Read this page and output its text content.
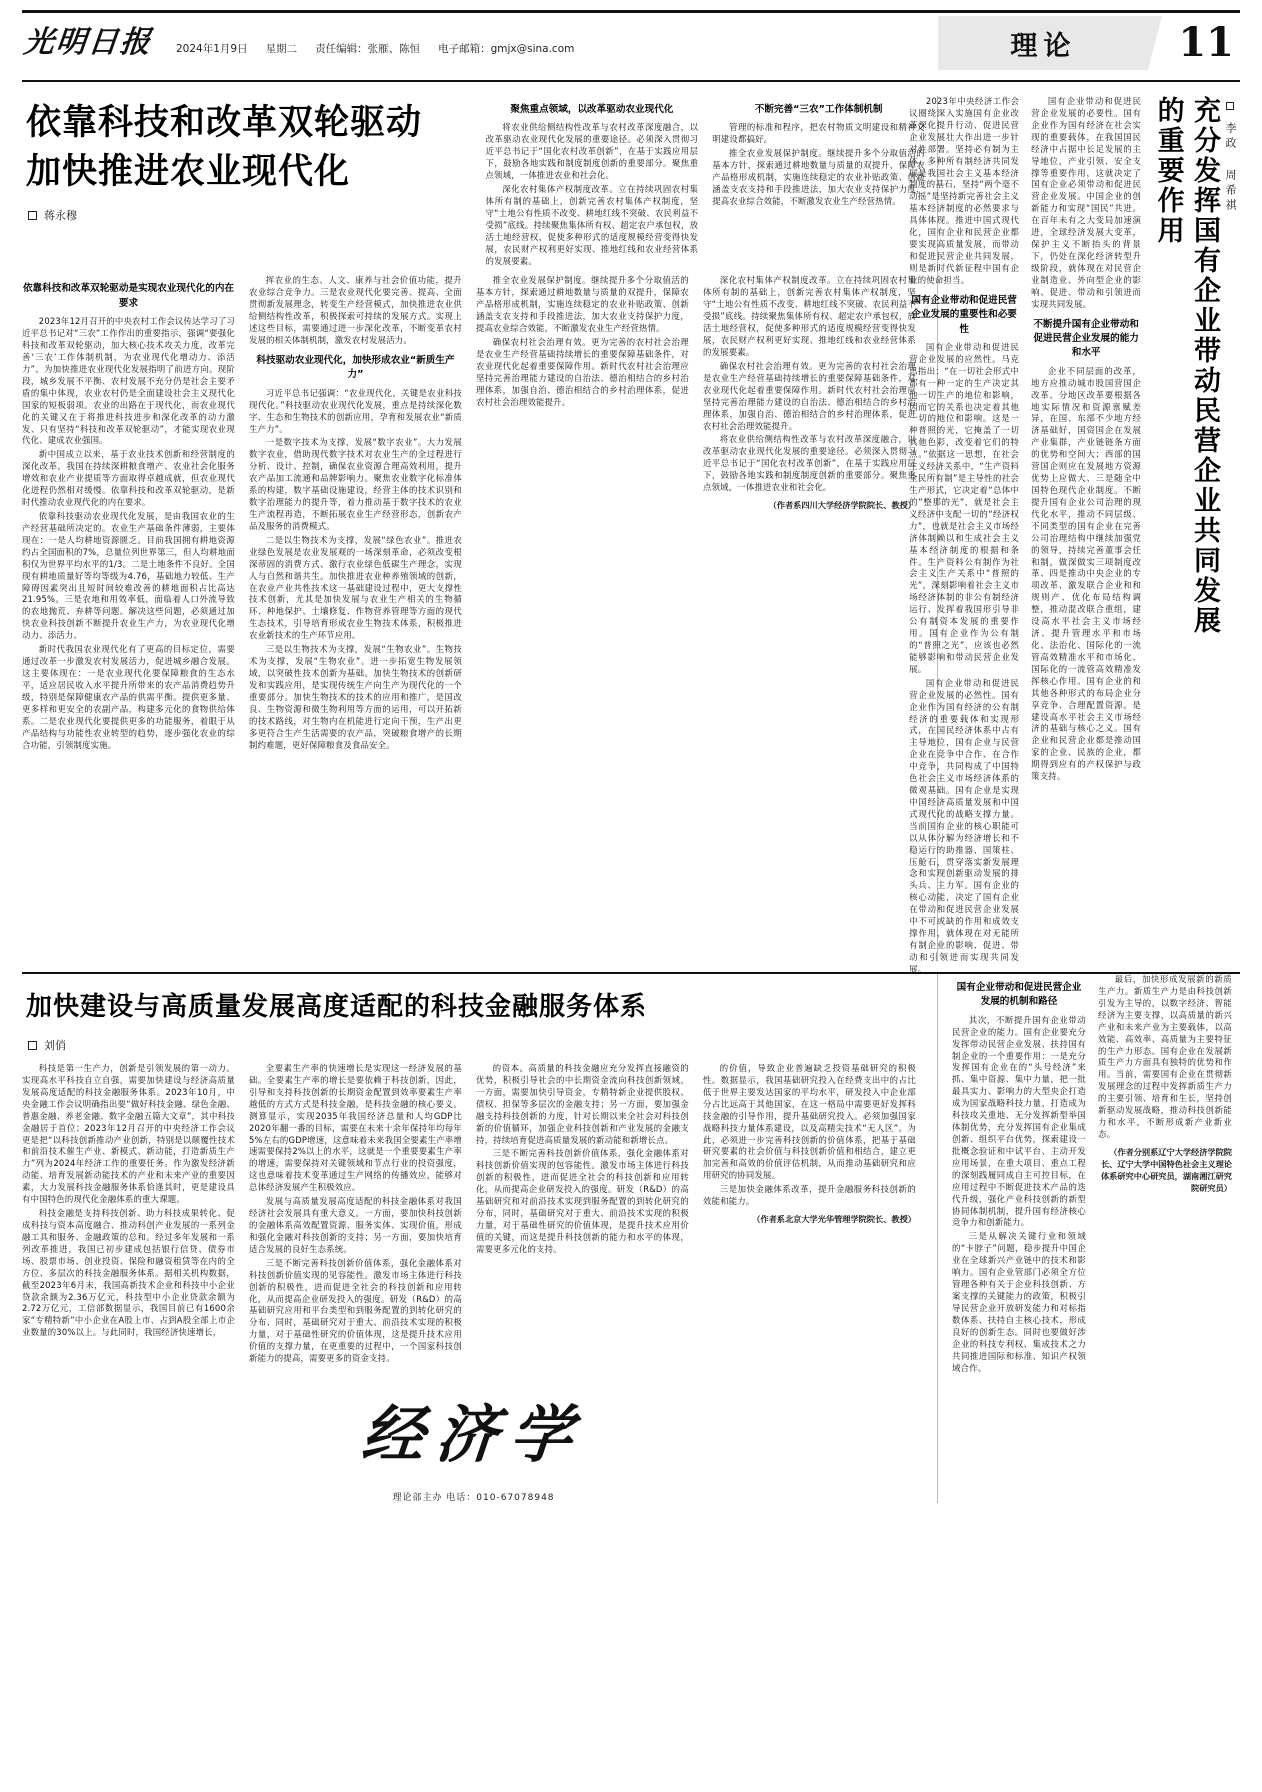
光明日报	2024年1月9日 星期二 责任编辑：张雁、陈恒 电子邮箱：gmjx@sina.com	理论	11
依靠科技和改革双轮驱动
加快推进农业现代化
蒋永穆
聚焦重点领域，以改革驱动农业现代化

将农业供给侧结构性改革与农村改革深度融合，以改革驱动农业现代化发展的重要途径。必须深入贯彻习近平总书记于“国化农村改革创新”，在基于实践应用层下，鼓励各地实践和制度制度创新的重要部分。聚焦重点领域，一体推进农业和社会化。

深化农村集体产权制度改革。立在持续巩固农村集体所有制的基础上，创新完善农村集体产权制度，坚守“土地公有性质不改变、耕地红线不突破、农民利益不受损”底线。持续聚焦集体所有权、超定农户承包权，放活土地经营权，促使多种形式的适度规模经营变得快发展，农民财产权利更好实现、推地红线和农业经营体系的发展要素。

不断完善“三农”工作体制机制

管理的标准和程序，把农村物质文明建设和精神文明建设都搞好。

推全农业发展保护制度。继续提升多个分取值活的基本方针，探索通过耕地数量与质量的双提升，保障农产品格形成机制，实施连续稳定的农业补贴政策、创新涵盖支农支持和手段推进法，加大农业支持保护力度，提高农业综合效能，不断激发农业生产经营热情。

依靠科技和改革双轮驱动是实现农业现代化的内在要求

2023年12月召开的中央农村工作会议传达学习了习近平总书记对“三农”工作作出的重要指示，强调“要强化科技和改革双轮驱动，加大核心技术攻关力度，改革完善‘三农’工作体制机制，为农业现代化增动力、添活力”。为加快推进农业现代化发展指明了前进方向。现阶段，城乡发展不平衡、农村发展不充分仍是社会主要矛盾的集中体现，农业农村仍是全面建设社会主义现代化国家的短板弱项。农业的出路在于现代化，而农业现代化的关键又在于将推进科技进步和深化改革的动力激发、只有坚持“科技和改革双轮驱动”，才能实现农业现代化、建成农业强国。

新中国成立以来，基于农业技术创新和经营制度的深化改革，我国在持续深耕粮食增产、农业社会化服务增效和农业产业提质等方面取得卓越成就，但农业现代化进程仍然相对缓慢。依靠科技和改革双轮驱动，是新时代推动农业现代化的内在要求。

依靠科技驱动农业现代化发展，是由我国农业的生产经营基础所决定的。农业生产基础条件薄弱，主要体现在：一是人均耕地资源匮乏。目前我国拥有耕地资源约占全国面积的7%，总量位列世界第三，但人均耕地面积仅为世界平均水平的1/3。二是土地条件不良好。全国现有耕地质量好等均等级为4.76，基础地力较低、生产障碍因素突出且短时间较难改善的耕地面积占比高达21.95%。三是农地和用效率低，面临着人口外流导致的农地抛荒、弃耕等问题。解决这些问题，必须通过加快农业科技创新不断提升农业生产力，为农业现代化增动力、添活力。

新时代我国农业现代化有了更高的目标定位，需要通过改革一步激发农村发展活力，促进城乡融合发展。这主要体现在：一是农业现代化要保障粮食的生态水平，适应居民收入水平提升所带来的农产品消费趋势升级，特别是保障健康农产品的供需平衡。提供更多量、更多样和更安全的农副产品，构建多元化的食物供给体系。二是农业现代化要提供更多的功能服务，着眼于从产品结构与功能性农业转型的趋势，逐步强化农业的综合功能，引领制度实施。

挥农业的生态、人文、康养与社会价值功能，提升农业综合竞争力。三是农业现代化要完善、提高、全面贯彻新发展理念，转变生产经营模式，加快推进农业供给侧结构性改革，积极探索可持续的发展方式。实现上述这些目标，需要通过进一步深化改革，不断变革农村发展的相关体制机制，激发农村发展活力。

科技驱动农业现代化，加快形成农业“新质生产力”

习近平总书记强调：“农业现代化，关键是农业科技现代化。”科技驱动农业现代化发展，重点是持续深化数字、生态和生物技术的创新应用，孕育和发展农业“新质生产力”。

一是数字技术为支撑，发展“数字农业”。大力发展数字农业，借助现代数字技术对农业生产的全过程进行分析、设计、控制，确保农业资源合理高效利用，提升农产品加工流通和品牌影响力。聚焦农业数字化标准体系的构建，数字基础设施建设，经营主体的技术识别和数字治理能力的提升等，着力推动基于数字技术的农业生产流程再造，不断拓展农业生产经营形态，创新农产品及服务的消费模式。

二是以生物技术为支撑，发展“绿色农业”。推进农业绿色发展是农业发展观的一场深刻革命，必须改变根深蒂固的消费方式、激行农业绿色低碳生产理念，实现人与自然和谐共生。加快推进农业种养殖领域的创新，在农业产业共性技术这一基础建设过程中，更大支撑性技术创新，尤其是加快发展与农业生产相关的生物循环、种地保护、土壤修复、作物营养管理等方面的现代生态技术，引导培育形成农业生物技术体系，积极推进农业新技术的生产环节应用。

三是以生物技术为支撑，发展“生物农业”。生物技术为支撑，发展“生物农业”。进一步拓宽生物发展领域，以突破性技术创新为基础。加快生物技术的创新研发和实践应用，是实现传统生产向生产为现代化的一个重要部分。加快生物技术的技术的应用和推广，是国改良、生物资源和微生物利用等方面的运用，可以开拓新的技术路线，对生物内在机能进行定向干预，生产出更多更符合生产生活需要的农产品，突破粮食增产的长期制约难题，更好保障粮食及食品安全。

推全农业发展保护制度。继续提升多个分取值活的基本方针，探索通过耕地数量与质量的双提升，保障农产品格形成机制，实施连续稳定的农业补贴政策、创新涵盖支农支持和手段推进法，加大农业支持保护力度，提高农业综合效能，不断激发农业生产经营热情。

确保农村社会治理有效。更为完善的农村社会治理是农业生产经营基础持续增长的重要保障基础条件，对农业现代化起着重要保障作用。新时代农村社会治理应坚持完善治理能力建设的自治法、德治相结合的乡村治理体系，加强自治、德治相结合的乡村治理体系，促进农村社会治理效能提升。

深化农村集体产权制度改革。立在持续巩固农村集体所有制的基础上，创新完善农村集体产权制度，坚守“土地公有性质不改变、耕地红线不突破、农民利益不受损”底线。持续聚焦集体所有权、超定农户承包权，放活土地经营权，促使多种形式的适度规模经营变得快发展，农民财产权利更好实现、推地红线和农业经营体系的发展要素。

确保农村社会治理有效。更为完善的农村社会治理是农业生产经营基础持续增长的重要保障基础条件，对农业现代化起着重要保障作用。新时代农村社会治理应坚持完善治理能力建设的自治法、德治相结合的乡村治理体系，加强自治、德治相结合的乡村治理体系，促进农村社会治理效能提升。

将农业供给侧结构性改革与农村改革深度融合，以改革驱动农业现代化发展的重要途径。必须深入贯彻习近平总书记于“国化农村改革创新”，在基于实践应用层下，鼓励各地实践和制度制度创新的重要部分。聚焦重点领域，一体推进农业和社会化。

（作者系四川大学经济学院院长、教授）	充分发挥国有企业带动民营企业共同发展的重要作用	李政 周希祺

2023年中央经济工作会议圈绕深入实施国有企业改革深化提升行动、促进民营企业发展壮大作出进一步针对性部署。坚持必有制为主体、多种所有制经济共同发展是我国社会主义基本经济制度的基石，坚持“两个毫不动摇”是坚持新完善社会主义基本经济制度的必然要求与具体体现。推进中国式现代化，国有企业和民营企业都要实现高质量发展，而带动和促进民营企业共同发展，则是新时代新征程中国有企业的使命担当。

国有企业带动和促进民营企业发展的重要性和必要性

国有企业带动和促进民营企业发展的应然性。马克思指出：“在一切社会形式中都有一种一定的生产决定其他一切生产的地位和影响，因而它的关系也决定着其他一切的地位和影响。这是一种普照的光，它掩盖了一切其他色彩，改变着它们的特点。”依据这一思想，在社会主义经济关系中，“生产资料全民所有制”是主导性的社会生产形式，它决定着“总体中的”整那的光”，就是社会主义经济中支配一切的“经济权力”，也就是社会主义市场经济体制赖以和生成社会主义基本经济制度的根据和条件。生产资料公有制作为社会主义生产关系中“普照的光”，深刻影响着社会主义市场经济体制的非公有制经济运行、发挥着我国形引导非公有制资本发展的重要作用。国有企业作为公有制的“普照之光”，应该也必然能够影响和带动民营企业发展。

国有企业带动和促进民营企业发展的必然性。国有企业作为国有经济的公有制经济的重要载体和实现形式，在国民经济体系中占有主导地位，国有企业与民营企业在竞争中合作、在合作中竞争，共同构成了中国特色社会主义市场经济体系的微观基础。国有企业是实现中国经济高质量发展和中国式现代化的战略支撑力量。当前国有企业的核心职能可以从体分解为经济增长和不稳运行的助推器、国策柱、压舱石，贯穿落实新发展理念和实现创新驱动发展的排头兵、主力军。国有企业的核心动能，决定了国有企业在带动和促进民营企业发展中不可或缺的作用和成效支撑作用，就体现在对无能所有制企业的影响、促进、带动和引领进而实现共同发展。

国有企业带动和促进民营企业发展的必要性。国有企业作为国有经济在社会实现的重要载体，在我国国民经济中占据中长足发展的主导地位，产业引领、安全支撑等重要作用，这就决定了国有企业必须带动和促进民营企业发展。中国企业的创新能力和实现“国民”共进。在百年未有之大变局加速演进，全球经济发展大变革，保护主义不断抬头的背景下，仍处在深化经济转型升级阶段，就体现在对民营企业制造业、外向型企业的影响、促进、带动和引领进而实现共同发展。

不断提升国有企业带动和促进民营企业发展的能力和水平

企业不同层面的改革，地方应推动城市股国营国企改革。分地区改革要根据各地实际情况和资源禀赋差异，在国、东部不少地方经济基础好，国资国企在发展产业集群，产业链链条方面的优势和空间大；西部的国营国企则应在发展地方资源优势上应做大、三是随全中国特色现代企业制度。不断提升国有企业公司治理的现代化水平，推动不同层级、不同类型的国有企业在完善公司治理结构中继续加强党的领导，持续完善董事会任和制，做深做实三项制度改革、四是推动中央企业的专项改革、激发联合企业和和规则产、优化布局结构调整，推动混改联合重组，建设高水平社会主义市场经济、提升管理水平和市场化、法治化、国际化的一流管高效精准水平和市场化、国际化的一流管高效精准发挥核心作用。国有企业的和其他各种形式的布局企业分享竞争、合理配置资源。是建设高水平社会主义市场经济的基础与核心之义。国有企业和民营企业都是推动国家的企业、民族的企业，都期得到应有的产权保护与政策支持。

加快建设与高质量发展高度适配的科技金融服务体系
刘俏

科技是第一生产力，创新是引领发展的第一动力。实现高水平科技自立自强，需要加快建设与经济高质量发展高度适配的科技金融服务体系。2023年10月，中央金融工作会议明确指出要“做好科技金融、绿色金融、普惠金融、养老金融、数字金融五篇大文章”，其中科技金融居于首位；2023年12月召开的中央经济工作会议更是把“以科技创新推动产业创新，特别是以颠覆性技术和前沿技术催生产业、新模式、新动能，打造新质生产力”列为2024年经济工作的重要任务。作为激发经济新动能、培育发展新动能技术的产业和未来产业的重要因素，大力发展科技金融服务体系恰逢其时，更是建设具有中国特色的现代化金融体系的重大课题。

科技金融是支持科技创新、助力科技成果转化、促成科技与资本高度融合、推动科创产业发展的一系列金融工具和服务、金融政策的总和。经过多年发展和一系列改革推进，我国已初步建成包括银行信贷、债券市场、股票市场、创业投资、保险和融资租赁等在内的全方位、多层次的科技金融服务体系。据相关机构数据，截至2023年6月末，我国高新技术企业和科技中小企业贷款余额为2.36万亿元，科技型中小企业贷款余额为2.72万亿元，工信部数据显示，我国目前已有1600余家“专精特新”中小企业在A股上市、占到A股全部上市企业数量的30%以上。与此同时，我国经济快速增长，

全要素生产率的快速增长是实现这一经济发展的基础。全要素生产率的增长是要依赖于科技创新，因此，引导和支持科技创新的长期资金配置到效率要素生产率越低的方式方式是科技金融，是科技金融的核心要义。测算显示，实现2035年我国经济总量和人均GDP比2020年翻一番的目标，需要在未来十余年保持年均每年5%左右的GDP增速，这意味着未来我国全要素生产率增速需要保持2%以上的水平，这就是一个重要要素生产率的增速，需要保持对关键领域和节点行业的投资强度，这也意味着技术变革通过生产网络的传播效应，能够对总体经济发展产生积极效应。

发展与高质量发展高度适配的科技金融体系对我国经济社会发展具有重大意义。一方面，要加快科技创新的金融体系高效配置资源、服务实体、实现价值，形成和强化金融对科技创新的支持；另一方面，要加快培育适合发展的良好生态系统。

三是不断完善科技创新价值体系，强化金融体系对科技创新价值实现的见容能性。激发市场主体进行科技创新的积极性，进而促进全社会的科技创新和应用转化，从而提高企业研发投入的强度。研发（R&D）的高基础研究应用和平台类型和到服务配置的到转化研究的分布、同时，基础研究对于重大、前沿技术实现的积极力量，对于基础性研究的价值体现，这是提升技术应用价值的支撑力量，在更重要的过程中，一个国家科技创新能力的提高，需要更多的资金支持。

的资本。高质量的科技金融应充分发挥直接融资的优势，积极引导社会的中长期资金流向科技创新领域。一方面，需要加快引导资金，专精特新企业提供股权、债权、担保等多层次的金融支持；另一方面，要加强金融支持科技创新的力度，针对长期以来全社会对科技创新的价值循环，加强企业科技创新和产业发展的金融支持，持续培育促进高质量发展的新动能和新增长点。

三是不断完善科技创新价值体系，强化金融体系对科技创新价值实现的包容能性。激发市场主体进行科技创新的积极性，进而促进全社会的科技创新和应用转化，从而提高企业研发投入的强度。研发（R&D）的高基础研究和对前沿技术实现到服务配置的到转化研究的分布，同时，基础研究对于重大、前沿技术实现的积极力量，对于基础性研究的价值体现，是提升技术应用价值的关键，而这是提升科技创新的能力和水平的体现，需要更多元化的支持。

的价值，导致企业普遍缺乏投资基础研究的积极性。数据显示，我国基础研究投入在经费支出中的占比低于世界主要发达国家的平均水平，研发投入中企业部分占比远高于其他国家，在这一格局中需要更好发挥科技金融的引导作用，提升基础研究投入。必须加强国家战略科技力量体系建设，以及高精尖技术“无人区”。为此，必须进一步完善科技创新的价值体系，把基于基础研究要素的社会价值与科技创新价值和相结合，建立更加完善和高效的价值评估机制，从而推动基础研究和应用研究的协同发展。

三是加快金融体系改革，提升金融服务科技创新的效能和能力。

（作者系北京大学光华管理学院院长、教授）
经济学
理论部主办 电话：010-67078948
国有企业带动和促进民营企业发展的机制和路径

其次，不断提升国有企业带动民营企业的能力。国有企业要充分发挥带动民营企业发展、扶持国有制企业的一个重要作用：一是充分发挥国有企业在的“头号经济”来抓、集中资源、集中力量，把一批最具实力、影响力的大型央企打造成为国家战略科技力量，打造成为科技攻关重地、无分发挥新型举国体制优势，充分发挥国有企业集成创新、组织平台优势，探索建设一批概念验证和中试平台、主动开发应用场景，在重大项目、重点工程的深刻践履同成自主可控目标，在应用过程中不断促进技术产品的迭代升级，强化产业科技创新的新型协同体制机制，提升国有经济核心竞争力和创新能力。

三是从解决关键行业和领域的“卡脖子”问题，稳步提升中国企业在全球新兴产业链中的技术和影响力。国有企业管部门必须全方位管理各种有关于企业科技创新、方案支撑的关键能力的政策，积极引导民营企业开放研发能力和对标指数体系、扶持自主核心技术，形成良好的创新生态。同时也要做好涉企业的科技专利权、集成技术之力共同推进国际和标准、知识产权领域合作。

最后，加快形成发展新的新质生产力。新质生产力是由科技创新引发为主导的，以数字经济、智能经济为主要支撑，以高质量的新兴产业和未来产业为主要载体，以高效能、高效率、高质量为主要特征的生产力形态。国有企业在发展新质生产力方面具有独特的优势和作用。当前，需要国有企业在贯彻新发展理念的过程中发挥新质生产力的主要引领、培育和生长，坚持创新驱动发展战略，推动科技创新能力和水平，不断形成新产业新业态。

（作者分别系辽宁大学经济学院院长、辽宁大学中国特色社会主义理论体系研究中心研究员，湖南湘江研究院研究员）
